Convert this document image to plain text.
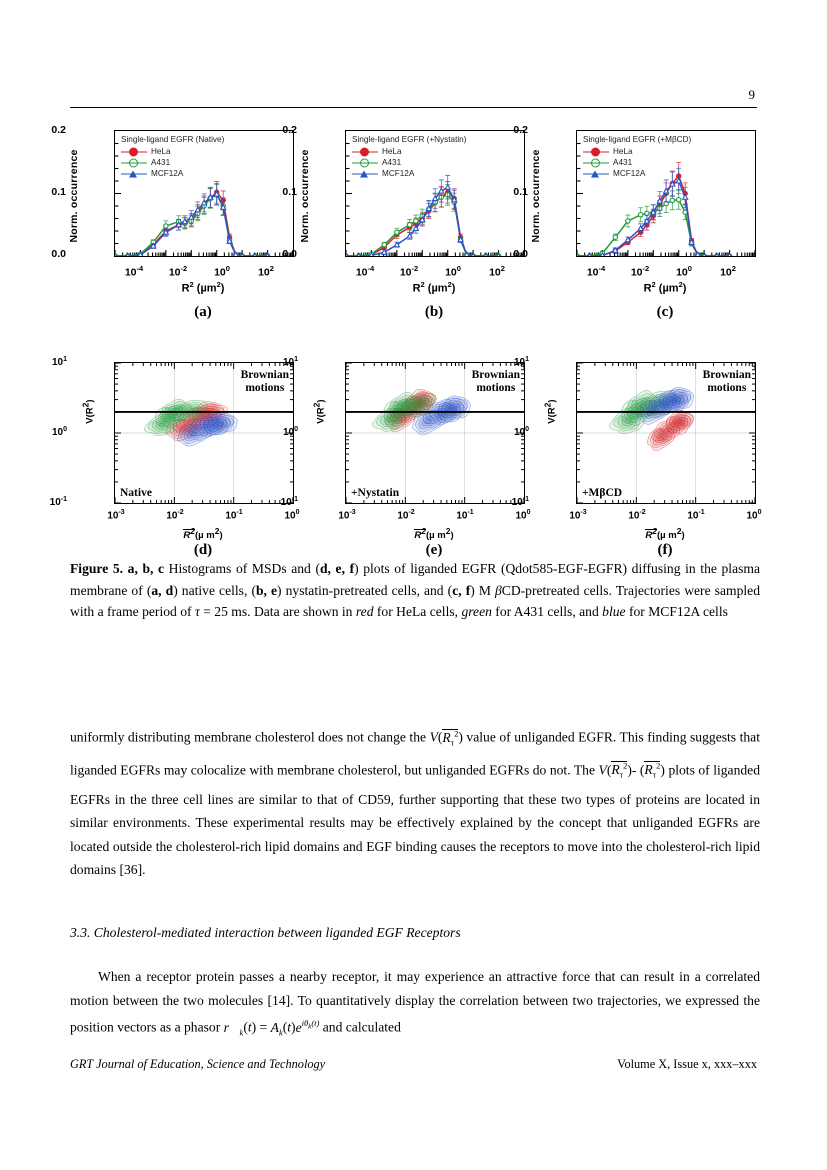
9
Norm. occurrence
Single-ligand EGFR (Native)
HeLa
A431
MCF12A
0.2
0.1
0.0
$10^{-4}$ $10^{-2}$	$10^0$	$10^2$
$R^2$ (µm$^2$)
(a)
Norm. occurrence
Single-ligand EGFR (+Nystatin)
HeLa
A431
MCF12A
0.2
0.1
0.0
$10^{-4}$ $10^{-2}$	$10^0$	$10^2$
$R^2$ (µm$^2$)
(b)
Norm. occurrence
Single-ligand EGFR (+MβCD)
HeLa
A431
MCF12A
0.2
0.1
0.0
$10^{-4}$ $10^{-2}$	$10^0$	$10^2$
$R^2$ (µm$^2$)
(c)
$V(R^2)$
Brownian
motions
Native
$10^1$
$10^0$
$10^{-1}$
$10^{-3}$	$10^{-2}$	$10^{-1}$	$10^0$
$R^2(\mu$ $m^2$)
(d)
$V(R^2)$
Brownian
motions
+Nystatin
$10^1$
$10^0$
$10^{-1}$
$10^{-3}$	$10^{-2}$	$10^{-1}$	$10^0$
$R^2(\mu$ $m^2$)
(e)
$V(R^2)$
Brownian
motions
+MβCD
$10^1$
$10^0$
$10^{-1}$
$10^{-3}$	$10^{-2}$	$10^{-1}$	$10^0$
$R^2(\mu$ $m^2$)
(f)
Figure 5. a, b, c Histograms of MSDs and (d, e, f) plots of liganded EGFR (Qdot585-EGF-EGFR) diffusing in the plasma membrane of (a, d) native cells, (b, e) nystatin-pretreated cells, and (c, f) M βCD-pretreated cells. Trajectories were sampled with a frame period of τ = 25 ms. Data are shown in red for HeLa cells, green for A431 cells, and blue for MCF12A cells
uniformly distributing membrane cholesterol does not change the $V(R_\tau^2)$ value of unliganded EGFR. This finding suggests that liganded EGFRs may colocalize with membrane cholesterol, but unliganded EGFRs do not. The $V(R_\tau^2)-$ $(R_\tau^2)$ plots of liganded EGFRs in the three cell lines are similar to that of CD59, further supporting that these two types of proteins are located in similar environments. These experimental results may be effectively explained by the concept that unliganded EGFRs are located outside the cholesterol-rich lipid domains and EGF binding causes the receptors to move into the cholesterol-rich lipid domains [36].
3.3. Cholesterol-mediated interaction between liganded EGF Receptors
When a receptor protein passes a nearby receptor, it may experience an attractive force that can result in a correlated motion between the two molecules [14]. To quantitatively display the correlation between two trajectories, we expressed the position vectors as a phasor $r⃗_k(t) = A_k(t)e^{i\theta_k(t)}$ and calculated
GRT Journal of Education, Science and Technology	Volume X, Issue x, xxx–xxx
